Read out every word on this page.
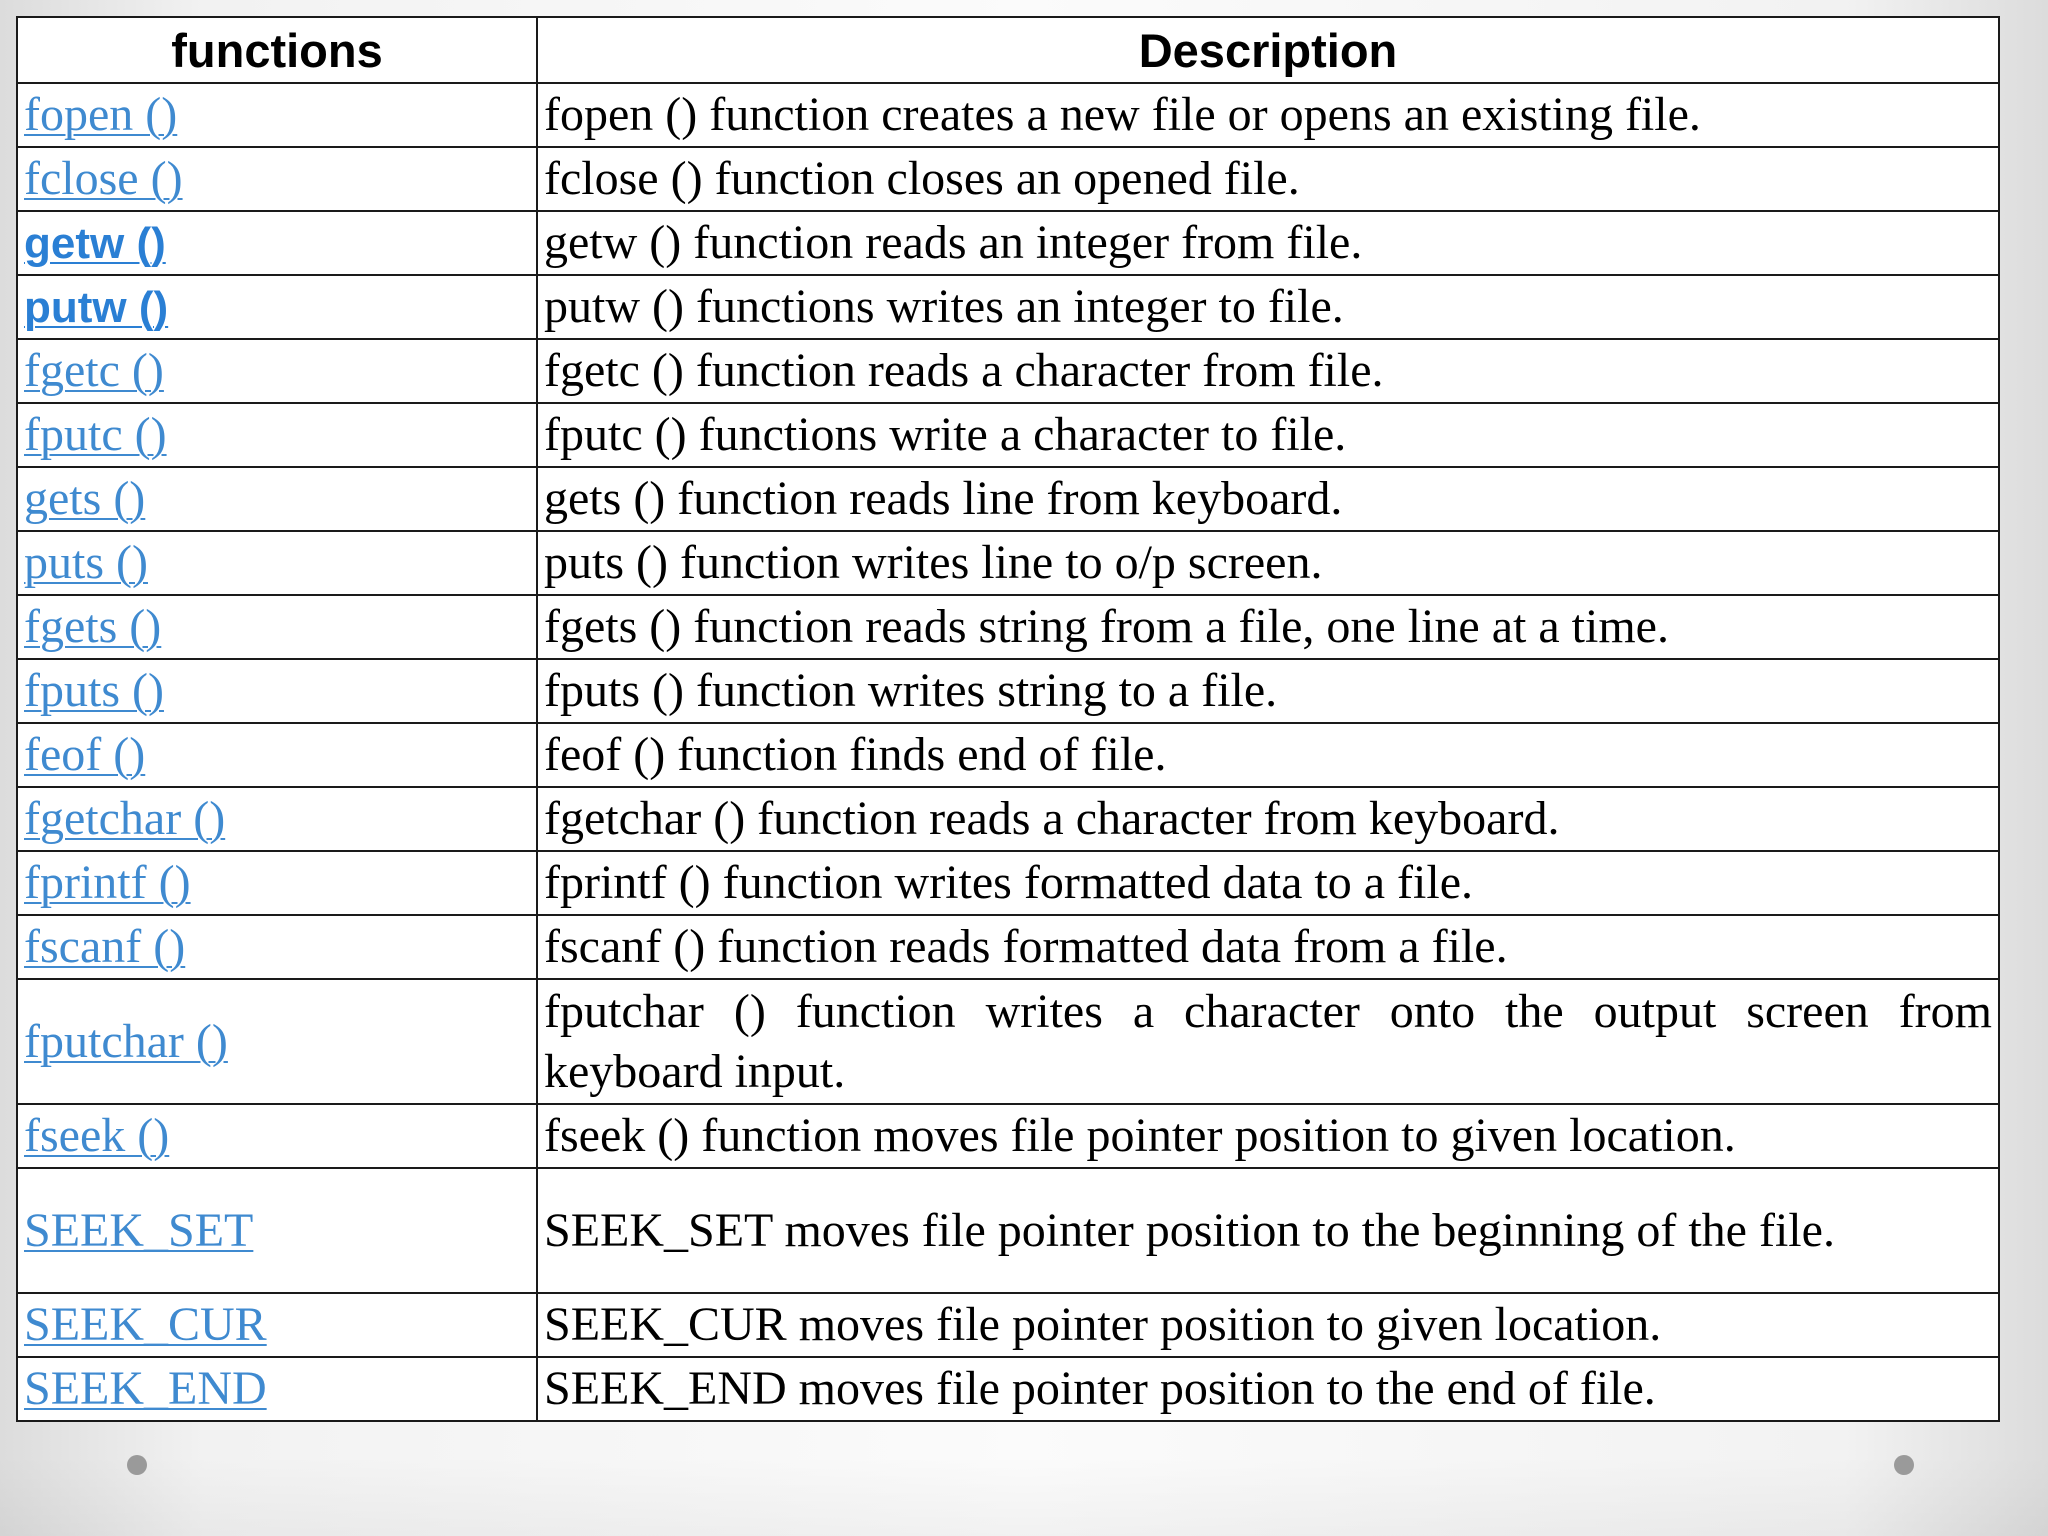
functions	Description
fopen ()	fopen () function creates a new file or opens an existing file.
fclose ()	fclose () function closes an opened file.
getw ()	getw () function reads an integer from file.
putw ()	putw () functions writes an integer to file.
fgetc ()	fgetc () function reads a character from file.
fputc ()	fputc () functions write a character to file.
gets ()	gets () function reads line from keyboard.
puts ()	puts () function writes line to o/p screen.
fgets ()	fgets () function reads string from a file, one line at a time.
fputs ()	fputs () function writes string to a file.
feof ()	feof () function finds end of file.
fgetchar ()	fgetchar () function reads a character from keyboard.
fprintf ()	fprintf () function writes formatted data to a file.
fscanf ()	fscanf () function reads formatted data from a file.
fputchar ()	fputchar () function writes a character onto the output screen from keyboard input.
fseek ()	fseek () function moves file pointer position to given location.
SEEK_SET	SEEK_SET moves file pointer position to the beginning of the file.
SEEK_CUR	SEEK_CUR moves file pointer position to given location.
SEEK_END	SEEK_END moves file pointer position to the end of file.
